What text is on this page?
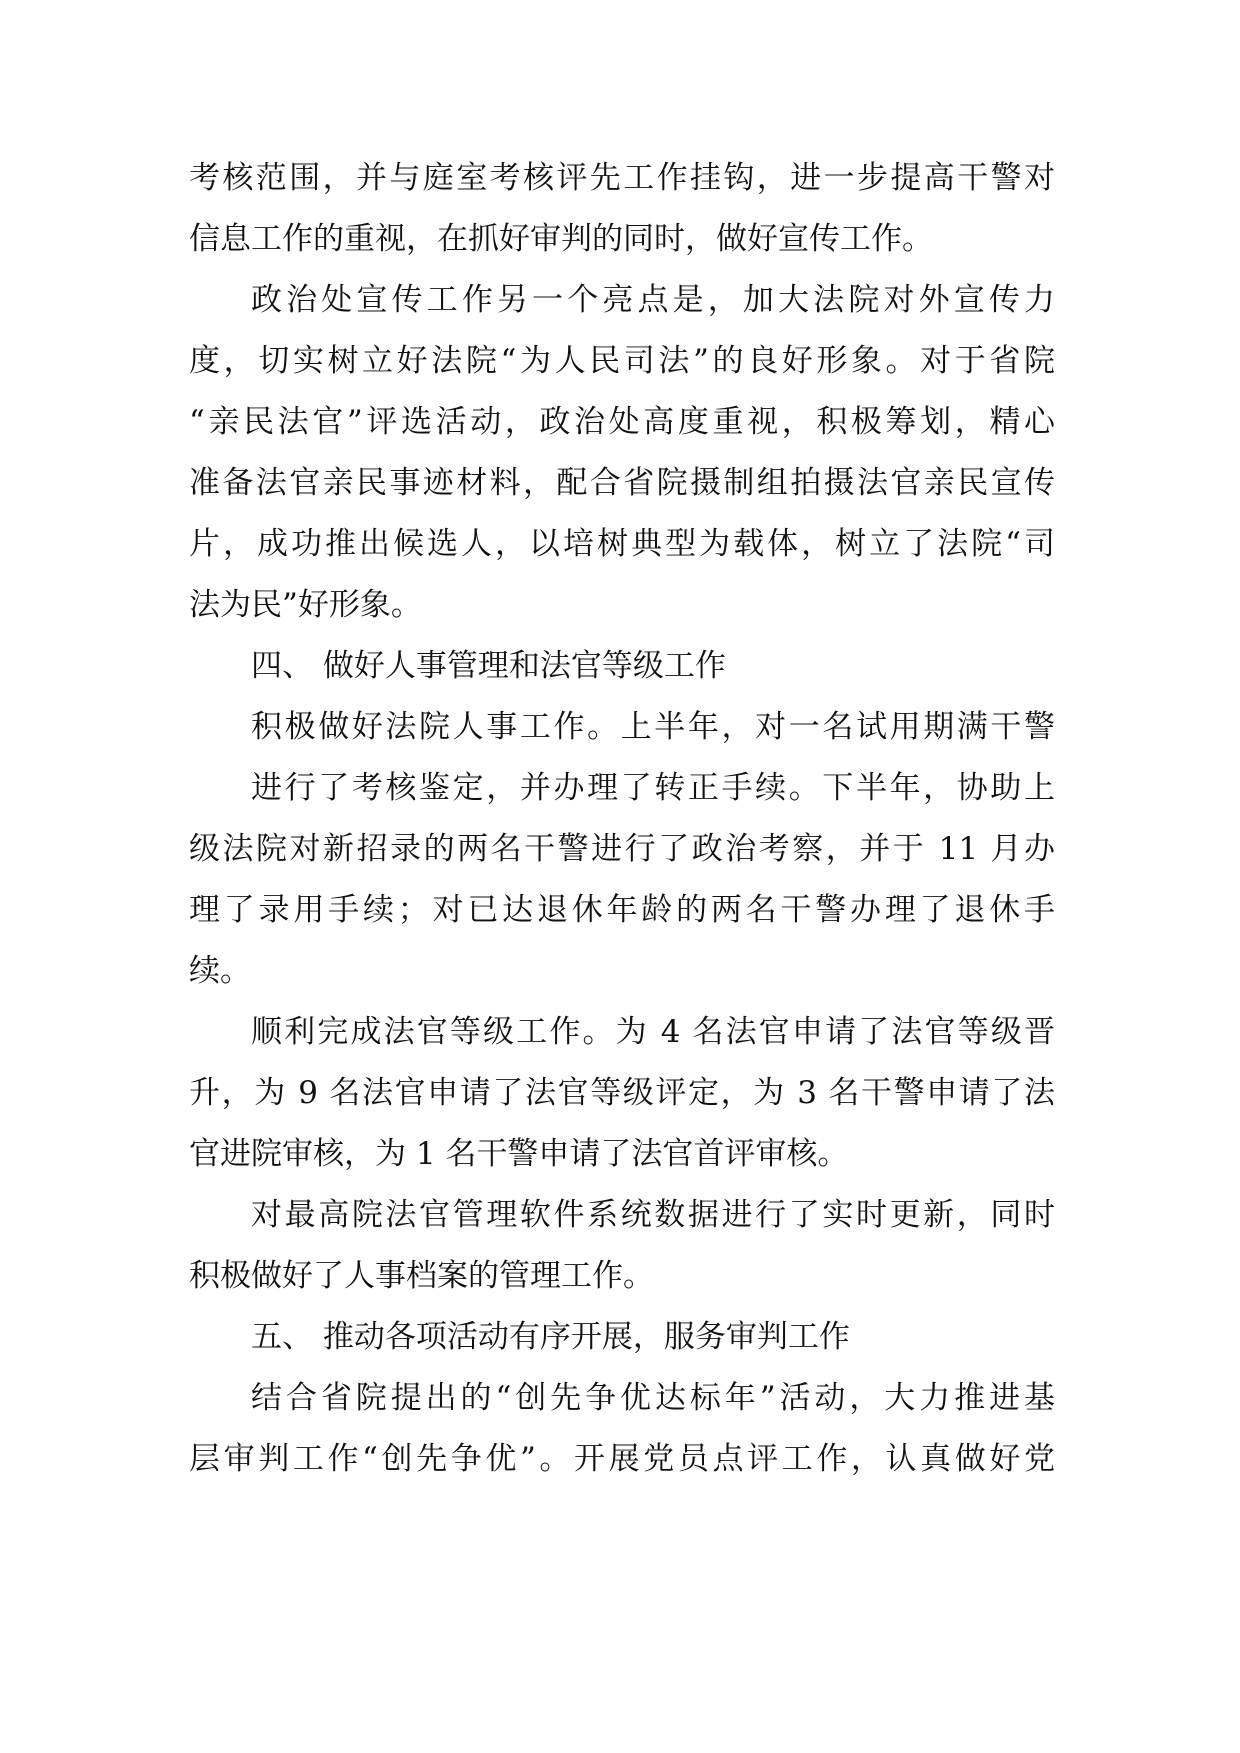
考核范围，并与庭室考核评先工作挂钩，进一步提高干警对
信息工作的重视，在抓好审判的同时，做好宣传工作。
政治处宣传工作另一个亮点是，加大法院对外宣传力
度，切实树立好法院“为人民司法”的良好形象。对于省院
“亲民法官”评选活动，政治处高度重视，积极筹划，精心
准备法官亲民事迹材料，配合省院摄制组拍摄法官亲民宣传
片，成功推出候选人，以培树典型为载体，树立了法院“司
法为民”好形象。
四、 做好人事管理和法官等级工作
积极做好法院人事工作。上半年，对一名试用期满干警
进行了考核鉴定，并办理了转正手续。下半年，协助上
级法院对新招录的两名干警进行了政治考察，并于 11 月办
理了录用手续；对已达退休年龄的两名干警办理了退休手
续。
顺利完成法官等级工作。为 4 名法官申请了法官等级晋
升，为 9 名法官申请了法官等级评定，为 3 名干警申请了法
官进院审核，为 1 名干警申请了法官首评审核。
对最高院法官管理软件系统数据进行了实时更新，同时
积极做好了人事档案的管理工作。
五、 推动各项活动有序开展，服务审判工作
结合省院提出的“创先争优达标年”活动，大力推进基
层审判工作“创先争优”。开展党员点评工作，认真做好党
